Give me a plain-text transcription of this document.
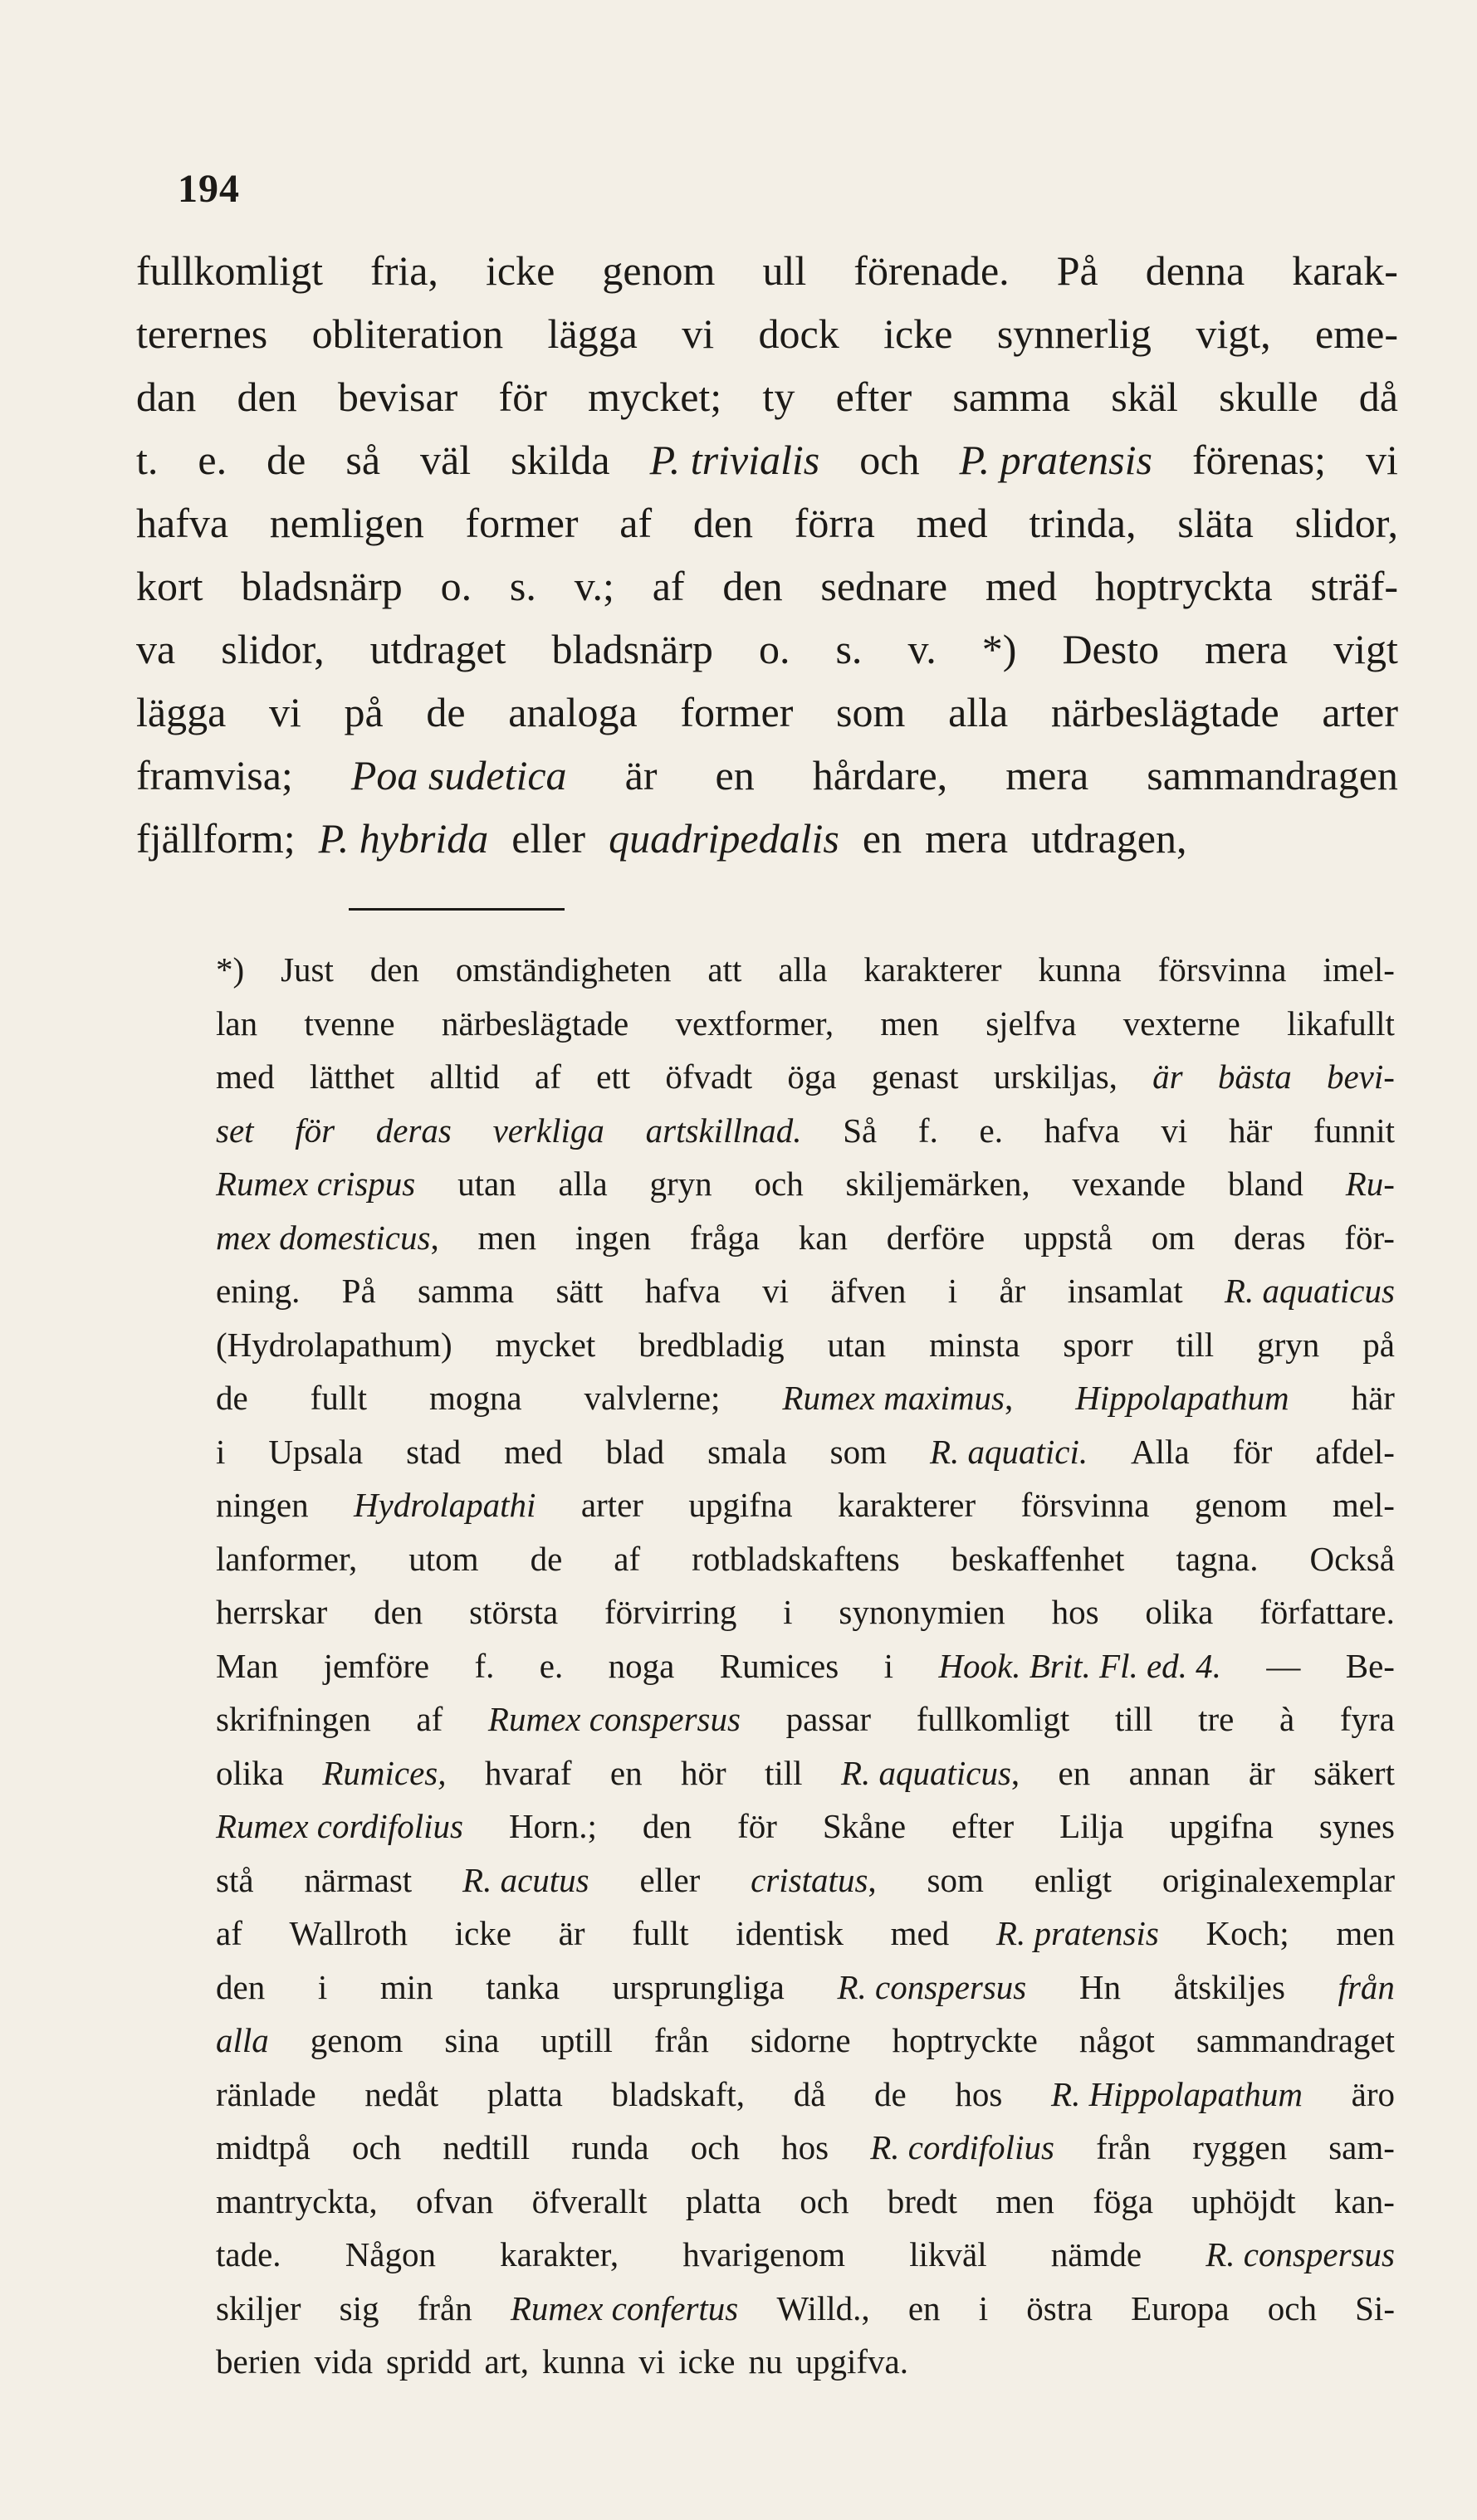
194
fullkomligt fria, icke genom ull förenade. På denna karak-
terernes obliteration lägga vi dock icke synnerlig vigt, eme-
dan den bevisar för mycket; ty efter samma skäl skulle då
t. e. de så väl skilda P. trivialis och P. pratensis förenas; vi
hafva nemligen former af den förra med trinda, släta slidor,
kort bladsnärp o. s. v.; af den sednare med hoptryckta sträf-
va slidor, utdraget bladsnärp o. s. v. *) Desto mera vigt
lägga vi på de analoga former som alla närbeslägtade arter
framvisa; Poa sudetica är en hårdare, mera sammandragen
fjällform; P. hybrida eller quadripedalis en mera utdragen,
*) Just den omständigheten att alla karakterer kunna försvinna imel-
lan tvenne närbeslägtade vextformer, men sjelfva vexterne likafullt
med lätthet alltid af ett öfvadt öga genast urskiljas, är bästa bevi-
set för deras verkliga artskillnad. Så f. e. hafva vi här funnit
Rumex crispus utan alla gryn och skiljemärken, vexande bland Ru-
mex domesticus, men ingen fråga kan derföre uppstå om deras för-
ening. På samma sätt hafva vi äfven i år insamlat R. aquaticus
(Hydrolapathum) mycket bredbladig utan minsta sporr till gryn på
de fullt mogna valvlerne; Rumex maximus, Hippolapathum här
i Upsala stad med blad smala som R. aquatici. Alla för afdel-
ningen Hydrolapathi arter upgifna karakterer försvinna genom mel-
lanformer, utom de af rotbladskaftens beskaffenhet tagna. Också
herrskar den största förvirring i synonymien hos olika författare.
Man jemföre f. e. noga Rumices i Hook. Brit. Fl. ed. 4. — Be-
skrifningen af Rumex conspersus passar fullkomligt till tre à fyra
olika Rumices, hvaraf en hör till R. aquaticus, en annan är säkert
Rumex cordifolius Horn.; den för Skåne efter Lilja upgifna synes
stå närmast R. acutus eller cristatus, som enligt originalexemplar
af Wallroth icke är fullt identisk med R. pratensis Koch; men
den i min tanka ursprungliga R. conspersus Hn åtskiljes från
alla genom sina uptill från sidorne hoptryckte något sammandraget
ränlade nedåt platta bladskaft, då de hos R. Hippolapathum äro
midtpå och nedtill runda och hos R. cordifolius från ryggen sam-
mantryckta, ofvan öfverallt platta och bredt men föga uphöjdt kan-
tade. Någon karakter, hvarigenom likväl nämde R. conspersus
skiljer sig från Rumex confertus Willd., en i östra Europa och Si-
berien vida spridd art, kunna vi icke nu upgifva.
